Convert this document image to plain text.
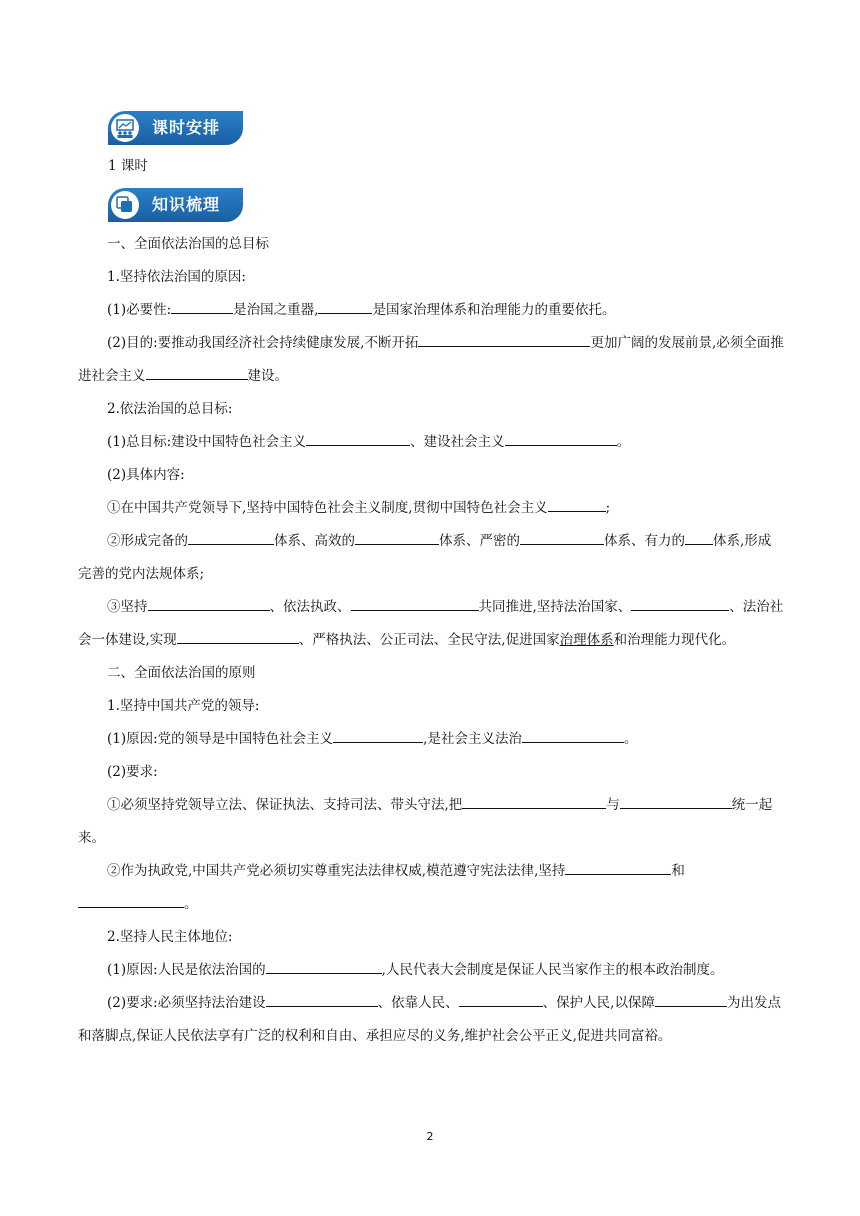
课时安排
1 课时
知识梳理

一、全面依法治国的总目标

1.坚持依法治国的原因:

(1)必要性:	是治国之重器,	是国家治理体系和治理能力的重要依托。

(2)目的:要推动我国经济社会持续健康发展,不断开拓	更加广阔的发展前景,必须全面推进社会主义	建设。

2.依法治国的总目标:

(1)总目标:建设中国特色社会主义	、建设社会主义	。

(2)具体内容:

①在中国共产党领导下,坚持中国特色社会主义制度,贯彻中国特色社会主义	;

②形成完备的	体系、高效的	体系、严密的	体系、有力的 体系,形成完善的党内法规体系;

③坚持	、依法执政、	共同推进,坚持法治国家、	、法治社会一体建设,实现	、严格执法、公正司法、全民守法,促进国家治理体系和治理能力现代化。

二、全面依法治国的原则

1.坚持中国共产党的领导:

(1)原因:党的领导是中国特色社会主义	,是社会主义法治	。

(2)要求:

①必须坚持党领导立法、保证执法、支持司法、带头守法,把	与	统一起来。

②作为执政党,中国共产党必须切实尊重宪法法律权威,模范遵守宪法法律,坚持	和。

2.坚持人民主体地位:

(1)原因:人民是依法治国的	,人民代表大会制度是保证人民当家作主的根本政治制度。

(2)要求:必须坚持法治建设	、依靠人民、	、保护人民,以保障	为出发点和落脚点,保证人民依法享有广泛的权利和自由、承担应尽的义务,维护社会公平正义,促进共同富裕。

2
